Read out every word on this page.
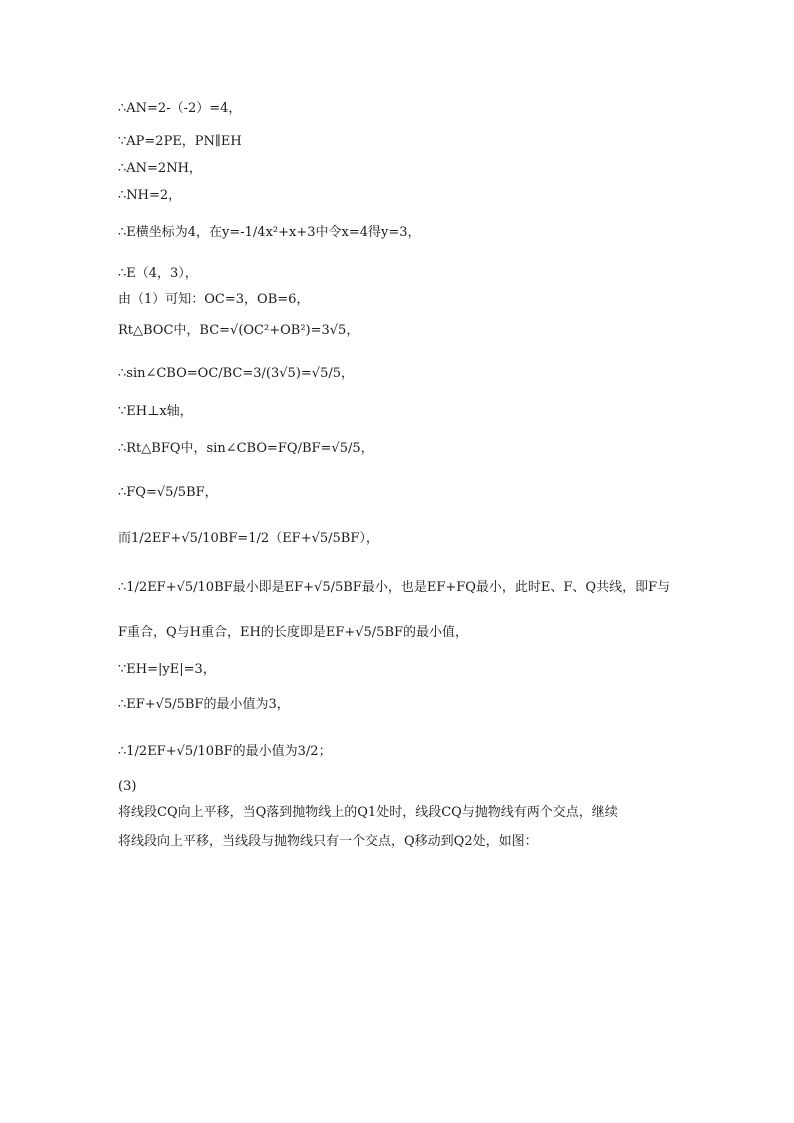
∴AN=2-（-2）=4，
∵AP=2PE，PN∥EH
∴AN=2NH，
∴NH=2，
∴E横坐标为4，在y=-1/4x²+x+3中令x=4得y=3，
∴E（4，3），
由（1）可知：OC=3，OB=6，
Rt△BOC中，BC=√(OC²+OB²)=3√5，
∴sin∠CBO=OC/BC=3/(3√5)=√5/5，
∵EH⊥x轴，
∴Rt△BFQ中，sin∠CBO=FQ/BF=√5/5，
∴FQ=√5/5BF，
而1/2EF+√5/10BF=1/2（EF+√5/5BF），
∴1/2EF+√5/10BF最小即是EF+√5/5BF最小，也是EF+FQ最小，此时E、F、Q共线，即F与
F重合，Q与H重合，EH的长度即是EF+√5/5BF的最小值，
∵EH=|yE|=3，
∴EF+√5/5BF的最小值为3，
∴1/2EF+√5/10BF的最小值为3/2；
(3)
将线段CQ向上平移，当Q落到抛物线上的Q1处时，线段CQ与抛物线有两个交点，继续
将线段向上平移，当线段与抛物线只有一个交点，Q移动到Q2处，如图：
